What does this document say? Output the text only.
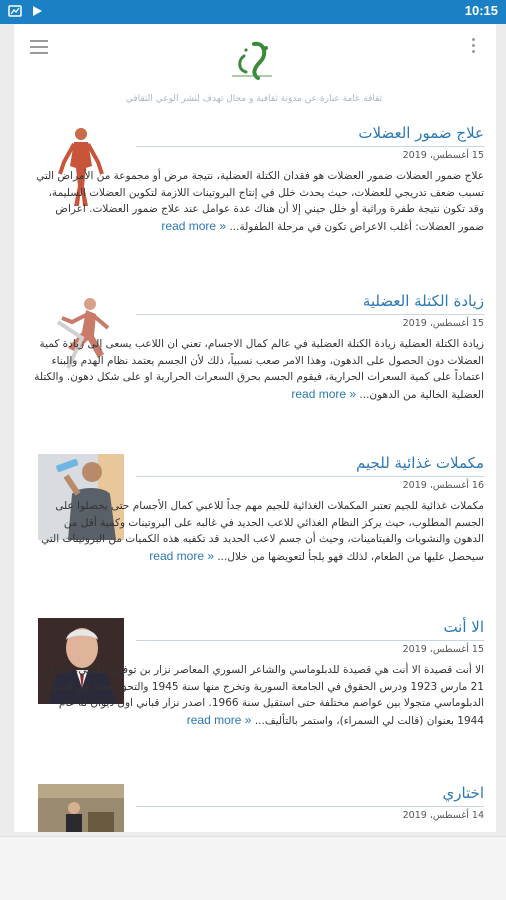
10:15
ثقافة عامة عبارة عن مدونة ثقافية و مجال تهدف لنشر الوعي الثقافي
علاج ضمور العضلات
15 أغسطس، 2019
علاج ضمور العضلات ضمور العضلات هو فقدان الكتلة العضلية، نتيجة مرض أو مجموعة من الأمراض التي تسبب ضعف تدريجي للعضلات، حيث يحدث خلل في إنتاج البروتينات اللازمة لتكوين العضلات السليمة، وقد تكون نتيجة طفرة وراثية أو خلل جيني إلا أن هناك عدة عوامل عند علاج ضمور العضلات. اعراض ضمور العضلات: أغلب الاعراض تكون في مرحلة الطفولة... read more »
زيادة الكتلة العضلية
15 أغسطس، 2019
زيادة الكتلة العضلية زيادة الكتلة العضلية في عالم كمال الاجسام، تعني ان اللاعب يسعى إلى زيادة كمية العضلات دون الحصول على الدهون، وهذا الامر صعب نسبياً، ذلك لأن الجسم يعتمد نظام الهدم والبناء اعتماداً على كمية السعرات الحرارية، فيقوم الجسم بحرق السعرات الحرارية او على شكل دهون. والكتلة العضلية الخالية من الدهون... read more »
مكملات غذائية للجيم
16 أغسطس، 2019
مكملات غذائية للجيم تعتبر المكملات الغذائية للجيم مهم جداً للاعبي كمال الأجسام حتى يحصلوا على الجسم المطلوب، حيث يركز النظام الغذائي للاعب الحديد في غالبه على البروتينات وكمية أقل من الدهون والنشويات والفيتامينات، وحيث أن جسم لاعب الحديد قد تكفيه هذه الكميات من البروتينات التي سيحصل عليها من الطعام، لذلك فهو يلجأ لتعويضها من خلال... read more »
الا أنت
15 أغسطس، 2019
الا أنت قصيدة الا أنت هي قصيدة للدبلوماسي والشاعر السوري المعاصر نزار بن توفيق القباني، ولد في 21 مارس 1923 ودرس الحقوق في الجامعة السورية وتخرج منها سنة 1945 والتحق بعدها في السلك الدبلوماسي متجولا بين عواصم مختلفة حتى استقيل سنة 1966. اصدر نزار قباني اول ديوان له عام 1944 بعنوان (قالت لي السمراء)، واستمر بالتأليف... read more »
اختاري
14 أغسطس، 2019
